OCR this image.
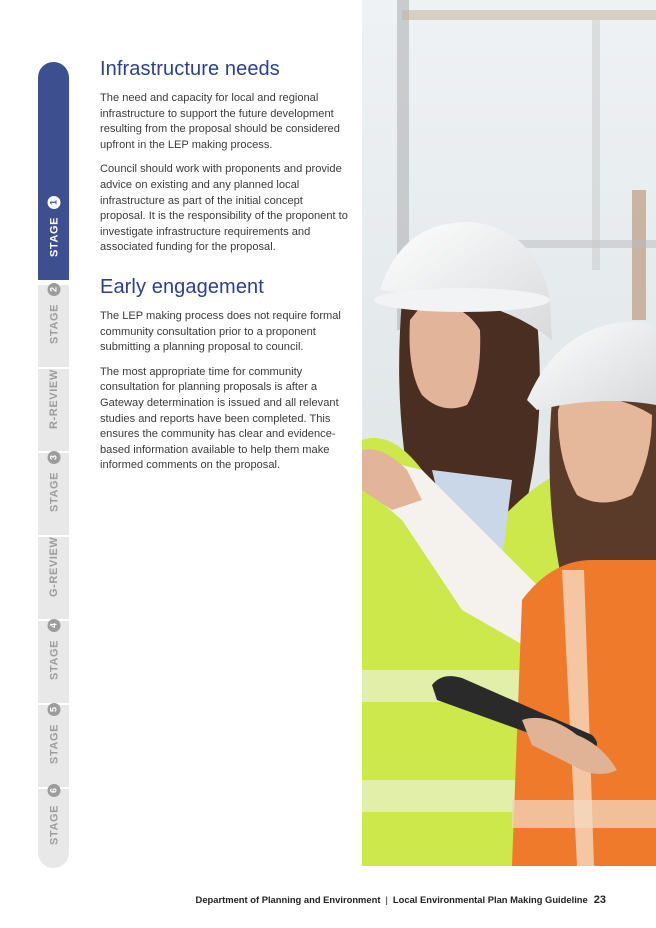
STAGE
1
STAGE
2
R-REVIEW
STAGE
3
G-REVIEW
STAGE
4
STAGE
5
STAGE
6
Infrastructure needs

The need and capacity for local and regional infrastructure to support the future development resulting from the proposal should be considered upfront in the LEP making process.

Council should work with proponents and provide advice on existing and any planned local infrastructure as part of the initial concept proposal. It is the responsibility of the proponent to investigate infrastructure requirements and associated funding for the proposal.

Early engagement

The LEP making process does not require formal community consultation prior to a proponent submitting a planning proposal to council.

The most appropriate time for community consultation for planning proposals is after a Gateway determination is issued and all relevant studies and reports have been completed. This ensures the community has clear and evidence-based information available to help them make informed comments on the proposal.

Department of Planning and Environment | Local Environmental Plan Making Guideline 23
